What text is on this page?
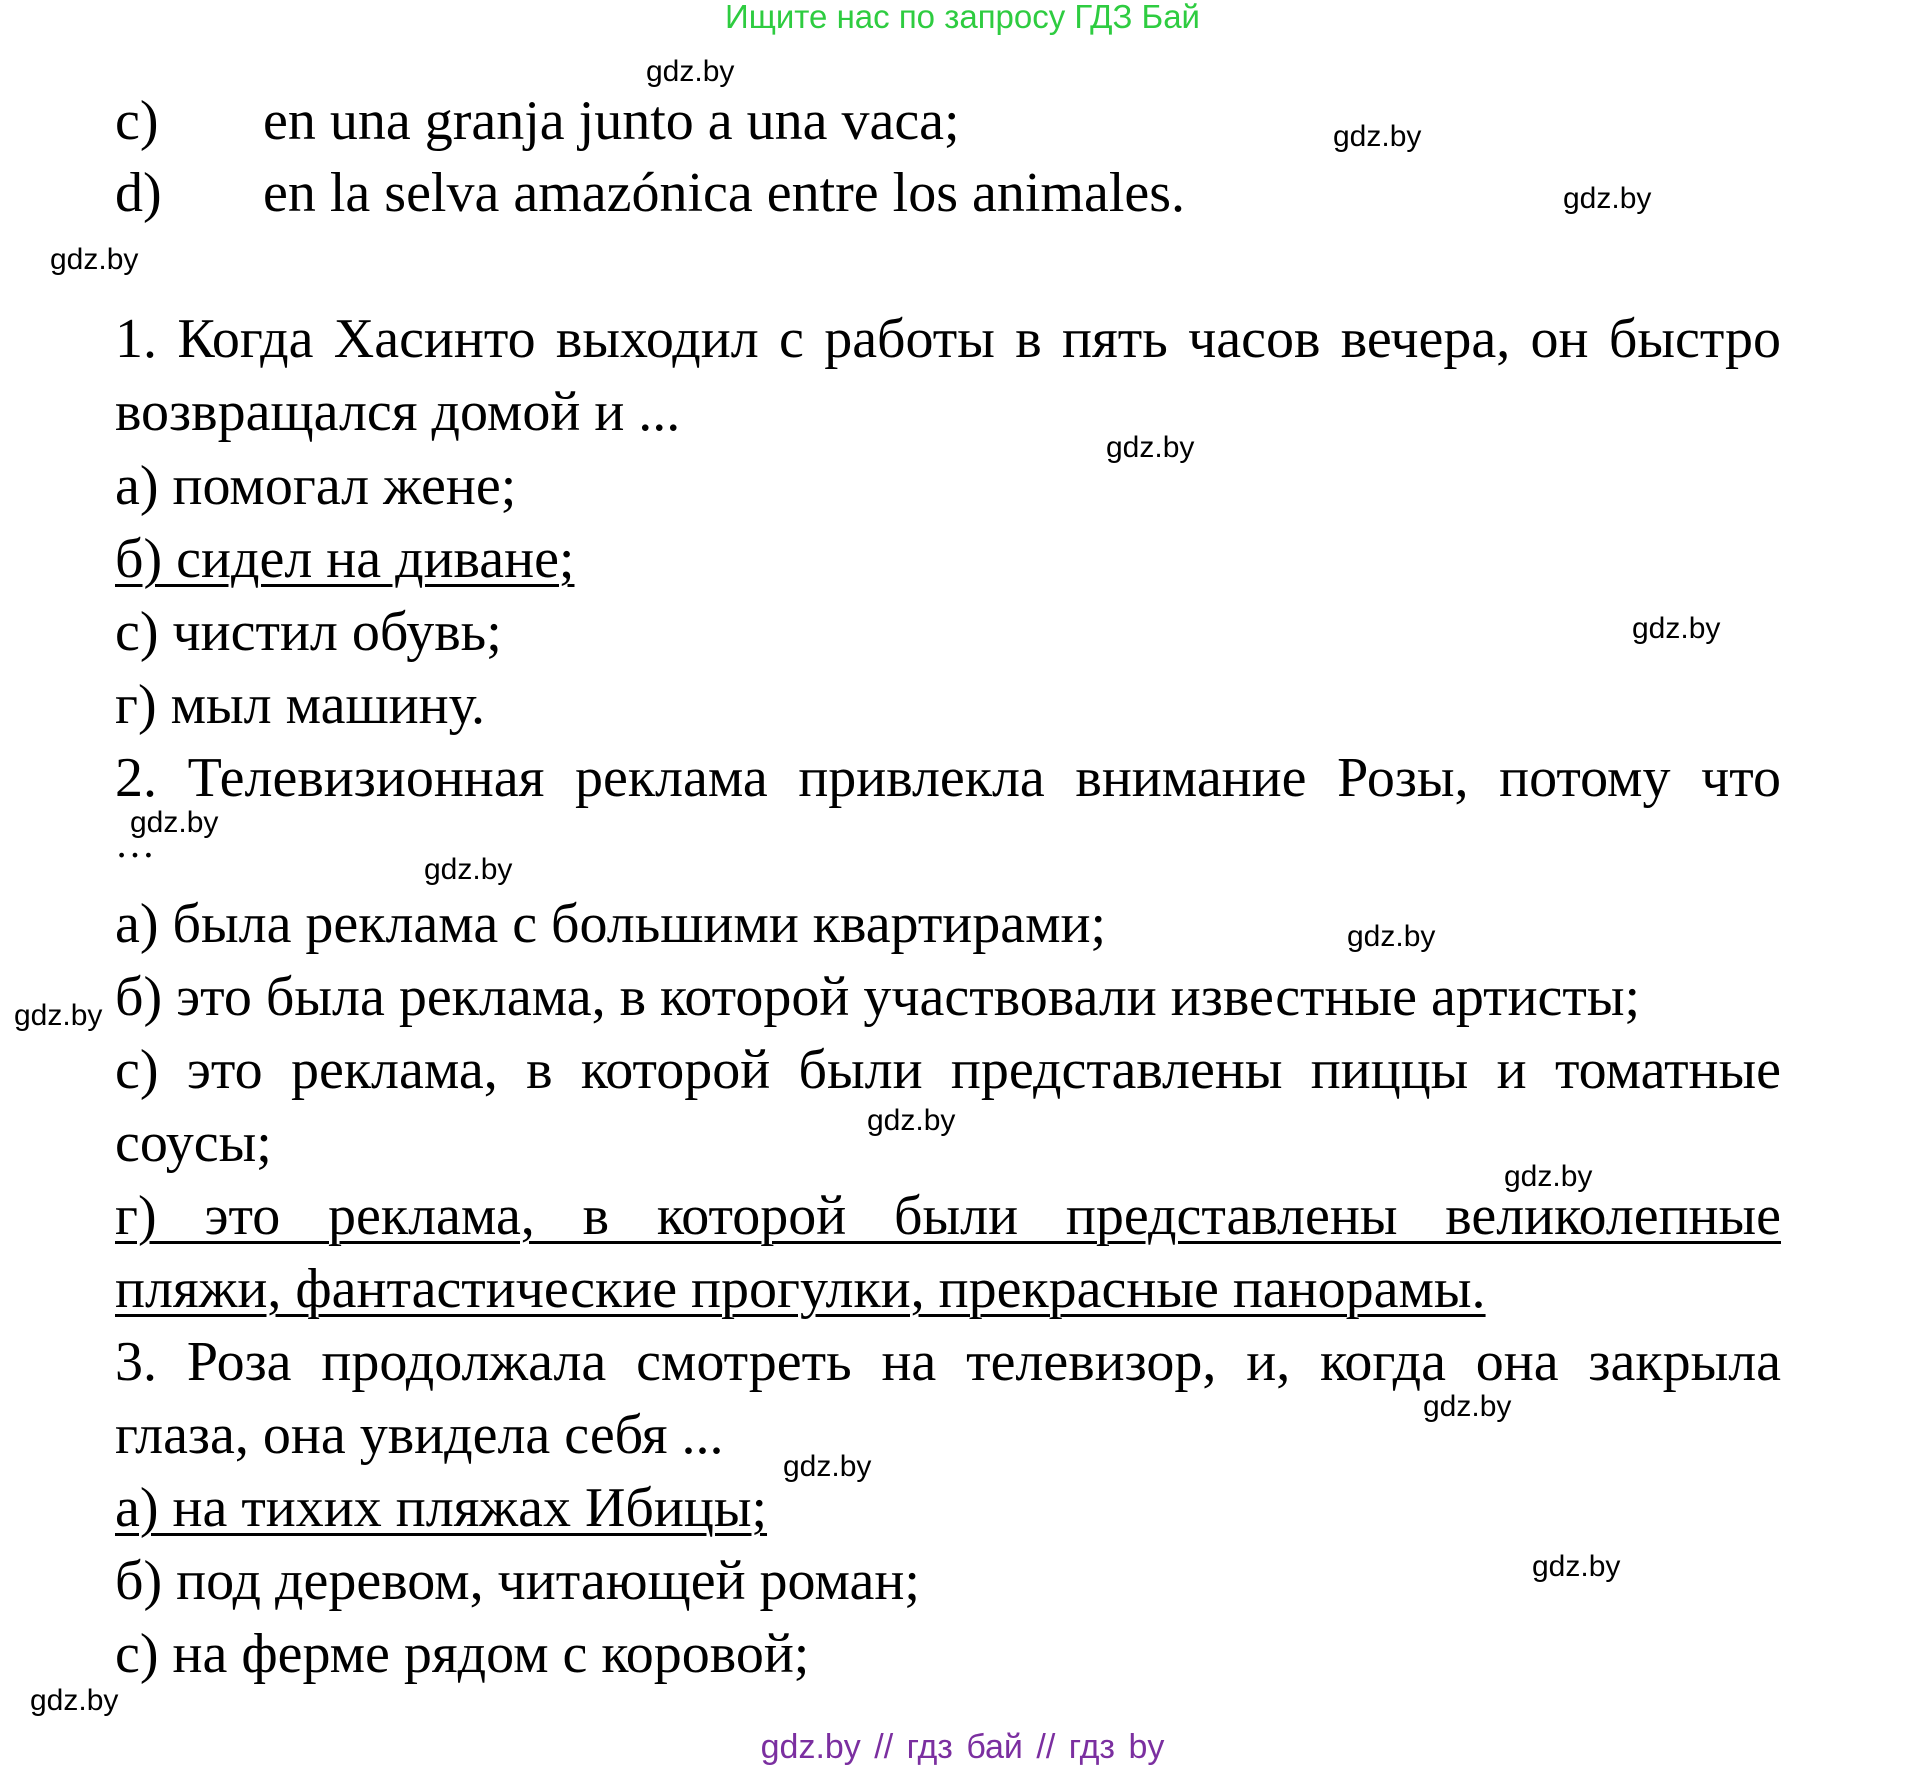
Ищите нас по запросу ГДЗ Бай
c) en una granja junto a una vaca;
d) en la selva amazónica entre los animales.
1. Когда Хасинто выходил с работы в пять часов вечера, он быстро
возвращался домой и ...
а) помогал жене;
б) сидел на диване;
с) чистил обувь;
г) мыл машину.
2. Телевизионная реклама привлекла внимание Розы, потому что
…
а) была реклама с большими квартирами;
б) это была реклама, в которой участвовали известные артисты;
с) это реклама, в которой были представлены пиццы и томатные
соусы;
г) это реклама, в которой были представлены великолепные
пляжи, фантастические прогулки, прекрасные панорамы.
3. Роза продолжала смотреть на телевизор, и, когда она закрыла
глаза, она увидела себя ...
а) на тихих пляжах Ибицы;
б) под деревом, читающей роман;
с) на ферме рядом с коровой;
gdz.by
gdz.by
gdz.by
gdz.by
gdz.by
gdz.by
gdz.by
gdz.by
gdz.by
gdz.by
gdz.by
gdz.by
gdz.by
gdz.by
gdz.by
gdz.by
gdz.by // гдз бай // гдз by
